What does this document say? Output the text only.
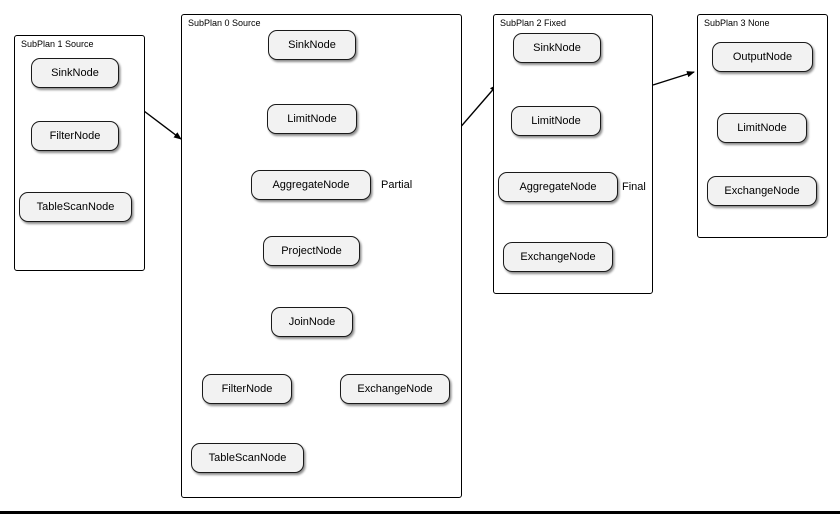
SubPlan 1 Source
SinkNode
FilterNode
TableScanNode
SubPlan 0 Source
SinkNode
LimitNode
AggregateNode
ProjectNode
JoinNode
FilterNode	ExchangeNode
TableScanNode
Partial
SubPlan 2 Fixed
SinkNode
LimitNode
AggregateNode
ExchangeNode
Final
SubPlan 3 None
OutputNode
LimitNode
ExchangeNode
